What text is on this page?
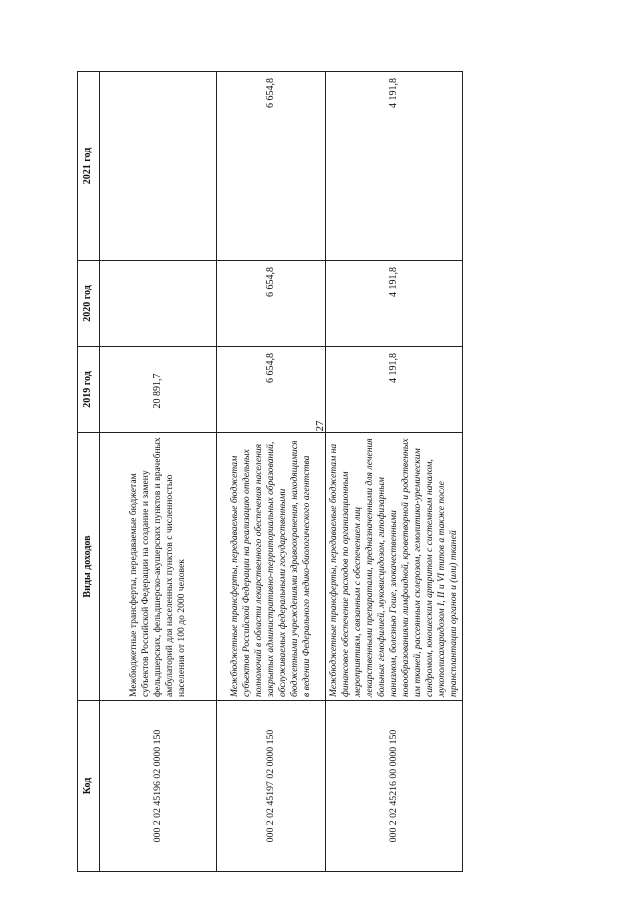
27
Код	Виды доходов	2019 год	2020 год	2021 год
000 2 02 45196 02 0000 150	Межбюджетные трансферты, передаваемые бюджетам субъектов Российской Федерации на создание и замену фельдшерских, фельдшерско-акушерских пунктов и врачебных амбулаторий для населенных пунктов с численностью населения от 100 до 2000 человек	20 891,7		
000 2 02 45197 02 0000 150	Межбюджетные трансферты, передаваемые бюджетам субъектов Российской Федерации на реализацию отдельных полномочий в области лекарственного обеспечения населения закрытых административно-территориальных образований, обслуживаемых федеральными государственными бюджетными учреждениями здравоохранения, находящимися в ведении Федерального медико-биологического агентства	6 654,8	6 654,8	6 654,8
000 2 02 45216 00 0000 150	Межбюджетные трансферты, передаваемые бюджетам на финансовое обеспечение расходов по организационным мероприятиям, связанным с обеспечением лиц лекарственными препаратами, предназначенными для лечения больных гемофилией, муковисцидозом, гипофизарным нанизмом, болезнью Гоше, злокачественными новообразованиями лимфоидной, кроветворной и родственных им тканей, рассеянным склерозом, гемолитико-уремическим синдромом, юношеским артритом с системным началом, мукополисахаридозом I, II и VI типов а также после трансплантации органов и (или) тканей	4 191,8	4 191,8	4 191,8
